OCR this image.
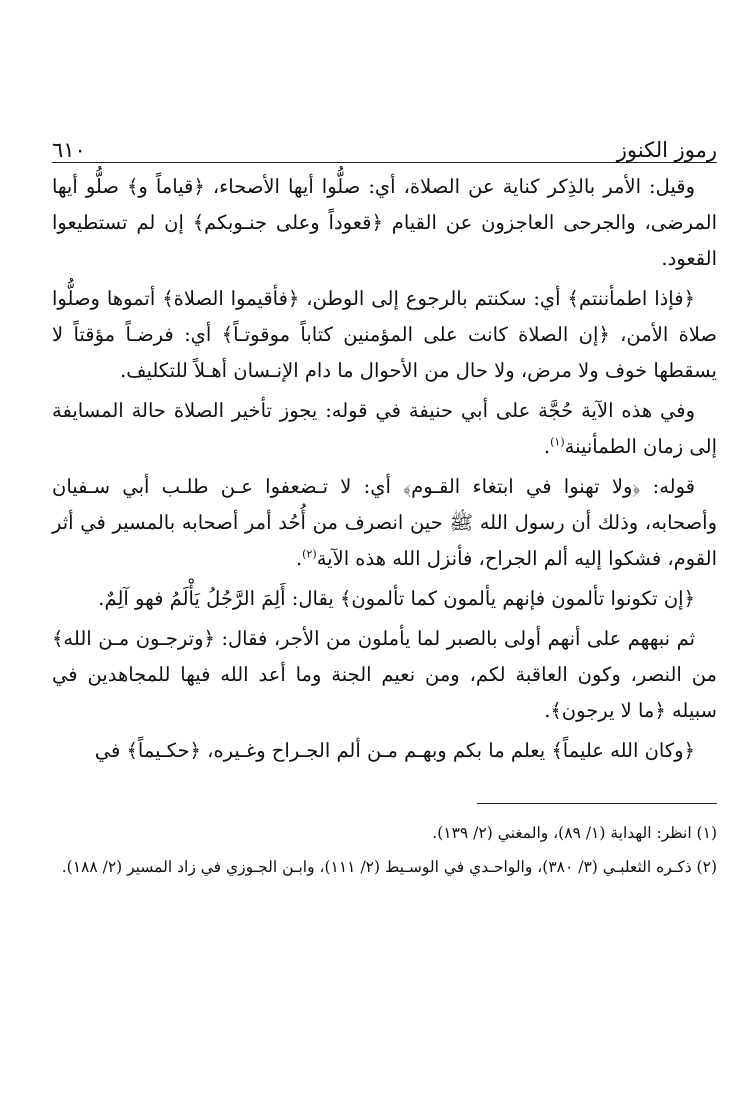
رموز الكنوز
٦١٠

وقيل: الأمر بالذِكر كناية عن الصلاة، أي: صلُّوا أيها الأصحاء، ﴿قياماً و﴾ صلُّو أيها المرضى، والجرحى العاجزون عن القيام ﴿قعوداً وعلى جنـوبكم﴾ إن لم تستطيعوا القعود.

﴿فإذا اطمأننتم﴾ أي: سكنتم بالرجوع إلى الوطن، ﴿فأقيموا الصلاة﴾ أتموها وصلُّوا صلاة الأمن، ﴿إن الصلاة كانت على المؤمنين كتاباً موقوتـاً﴾ أي: فرضـاً مؤقتاً لا يسقطها خوف ولا مرض، ولا حال من الأحوال ما دام الإنـسان أهـلاً للتكليف.

وفي هذه الآية حُجَّة على أبي حنيفة في قوله: يجوز تأخير الصلاة حالة المسايفة إلى زمان الطمأنينة$^{(١)}$.

قوله: ﴿ولا تهنوا في ابتغاء القـوم﴾ أي: لا تـضعفوا عـن طلـب أبي سـفيان وأصحابه، وذلك أن رسول الله ﷺ حين انصرف من أُحُد أمر أصحابه بالمسير في أثر القوم، فشكوا إليه ألم الجراح، فأنزل الله هذه الآية$^{(٢)}$.

﴿إن تكونوا تألمون فإنهم يألمون كما تألمون﴾ يقال: أَلِمَ الرَّجُلُ يَأْلَمُ فهو آلِمٌ.

ثم نبههم على أنهم أولى بالصبر لما يأملون من الأجر، فقال: ﴿وترجـون مـن الله﴾ من النصر، وكون العاقبة لكم، ومن نعيم الجنة وما أعد الله فيها للمجاهدين في سبيله ﴿ما لا يرجون﴾.

﴿وكان الله عليماً﴾ يعلم ما بكم وبهـم مـن ألم الجـراح وغـيره، ﴿حكـيماً﴾ في

(١) انظر: الهداية (١/ ٨٩)، والمغني (٢/ ١٣٩).

(٢) ذكـره الثعلبـي (٣/ ٣٨٠)، والواحـدي في الوسـيط (٢/ ١١١)، وابـن الجـوزي في زاد المسير (٢/ ١٨٨).
